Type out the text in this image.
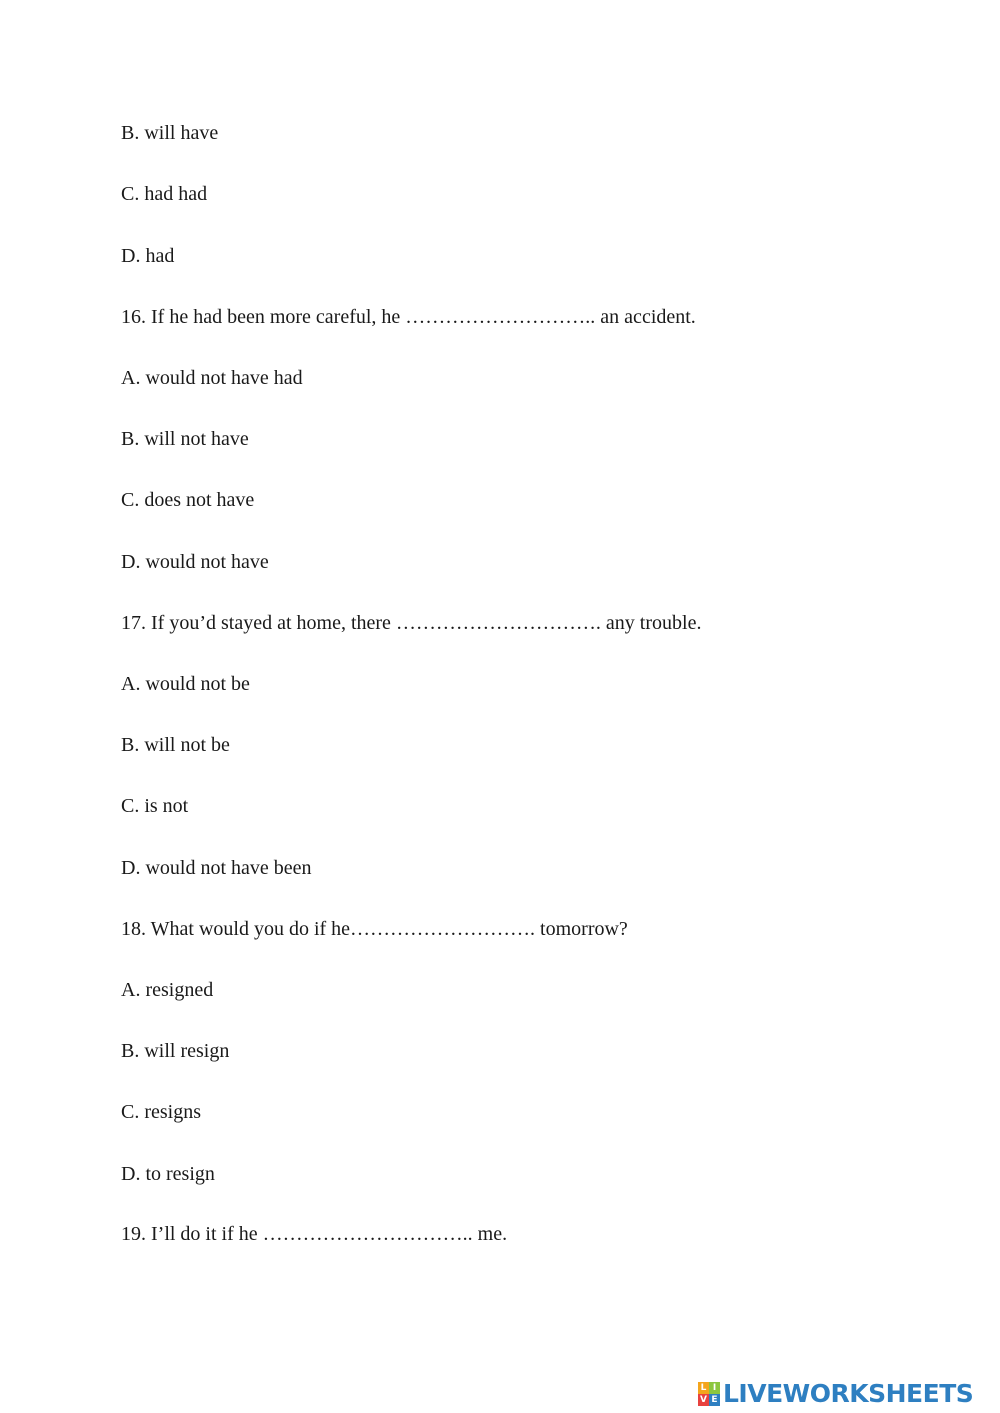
B. will have
C. had had
D. had
16. If he had been more careful, he ……………………….. an accident.
A. would not have had
B. will not have
C. does not have
D. would not have
17. If you’d stayed at home, there …………………………. any trouble.
A. would not be
B. will not be
C. is not
D. would not have been
18. What would you do if he………………………. tomorrow?
A. resigned
B. will resign
C. resigns
D. to resign
19. I’ll do it if he ………………………….. me.
L I
V E LIVEWORKSHEETS
